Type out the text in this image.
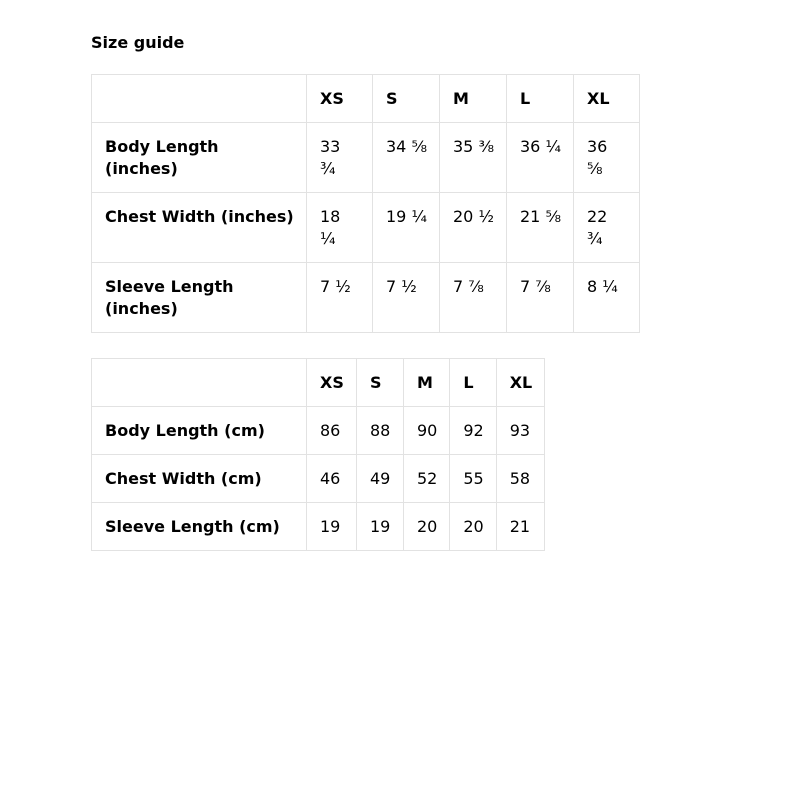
Size guide
	XS	S	M	L	XL
Body Length (inches)	33 ¾	34 ⅝	35 ⅜	36 ¼	36 ⅝
Chest Width (inches)	18 ¼	19 ¼	20 ½	21 ⅝	22 ¾
Sleeve Length (inches)	7 ½	7 ½	7 ⅞	7 ⅞	8 ¼
	XS	S	M	L	XL
Body Length (cm)	86	88	90	92	93
Chest Width (cm)	46	49	52	55	58
Sleeve Length (cm)	19	19	20	20	21
